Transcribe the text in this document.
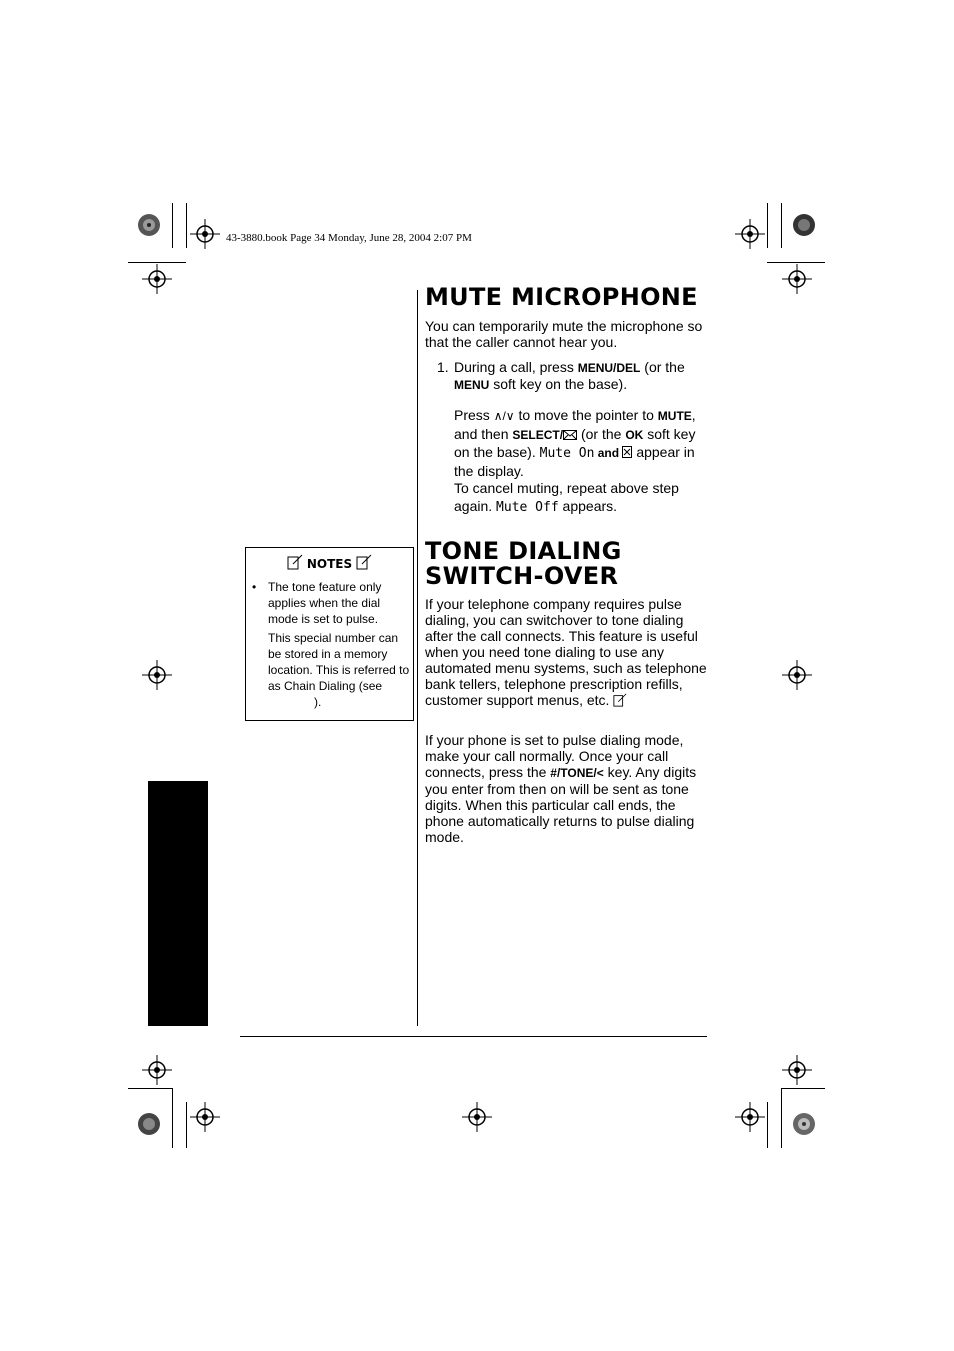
43-3880.book Page 34 Monday, June 28, 2004 2:07 PM
MUTE MICROPHONE

You can temporarily mute the microphone so that the caller cannot hear you.

1. During a call, press MENU/DEL (or the MENU soft key on the base).
Press ∧/∨ to move the pointer to MUTE, and then SELECT/ (or the OK soft key on the base). Mute On and  appear in the display.
To cancel muting, repeat above step again. Mute Off appears.
NOTES
• The tone feature only applies when the dial mode is set to pulse.
This special number can be stored in a memory location. This is referred to as Chain Dialing (see
).
TONE DIALING
SWITCH-OVER
If your telephone company requires pulse dialing, you can switchover to tone dialing after the call connects. This feature is useful when you need tone dialing to use any automated menu systems, such as telephone bank tellers, telephone prescription refills, customer support menus, etc.
If your phone is set to pulse dialing mode, make your call normally. Once your call connects, press the #/TONE/< key. Any digits you enter from then on will be sent as tone digits. When this particular call ends, the phone automatically returns to pulse dialing mode.
